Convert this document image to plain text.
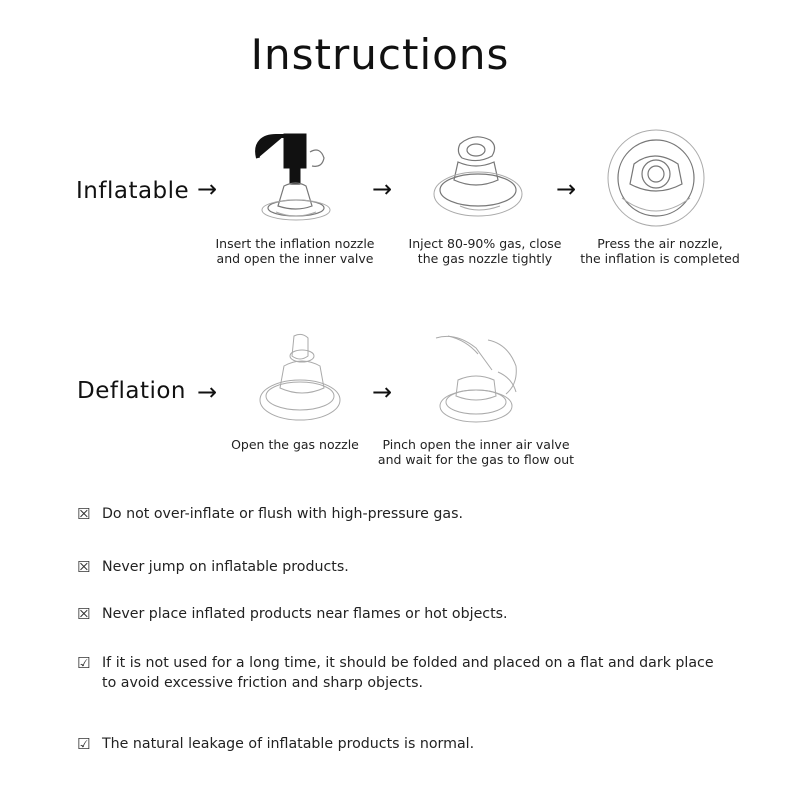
Instructions
Inflatable →
Insert the inflation nozzle
and open the inner valve
→
Inject 80-90% gas, close
the gas nozzle tightly
→
Press the air nozzle,
the inflation is completed
Deflation →
Open the gas nozzle
→
Pinch open the inner air valve
and wait for the gas to flow out
☒ Do not over-inflate or flush with high-pressure gas.
☒ Never jump on inflatable products.
☒ Never place inflated products near flames or hot objects.
☑ If it is not used for a long time, it should be folded and placed on a flat and dark place to avoid excessive friction and sharp objects.
☑ The natural leakage of inflatable products is normal.
